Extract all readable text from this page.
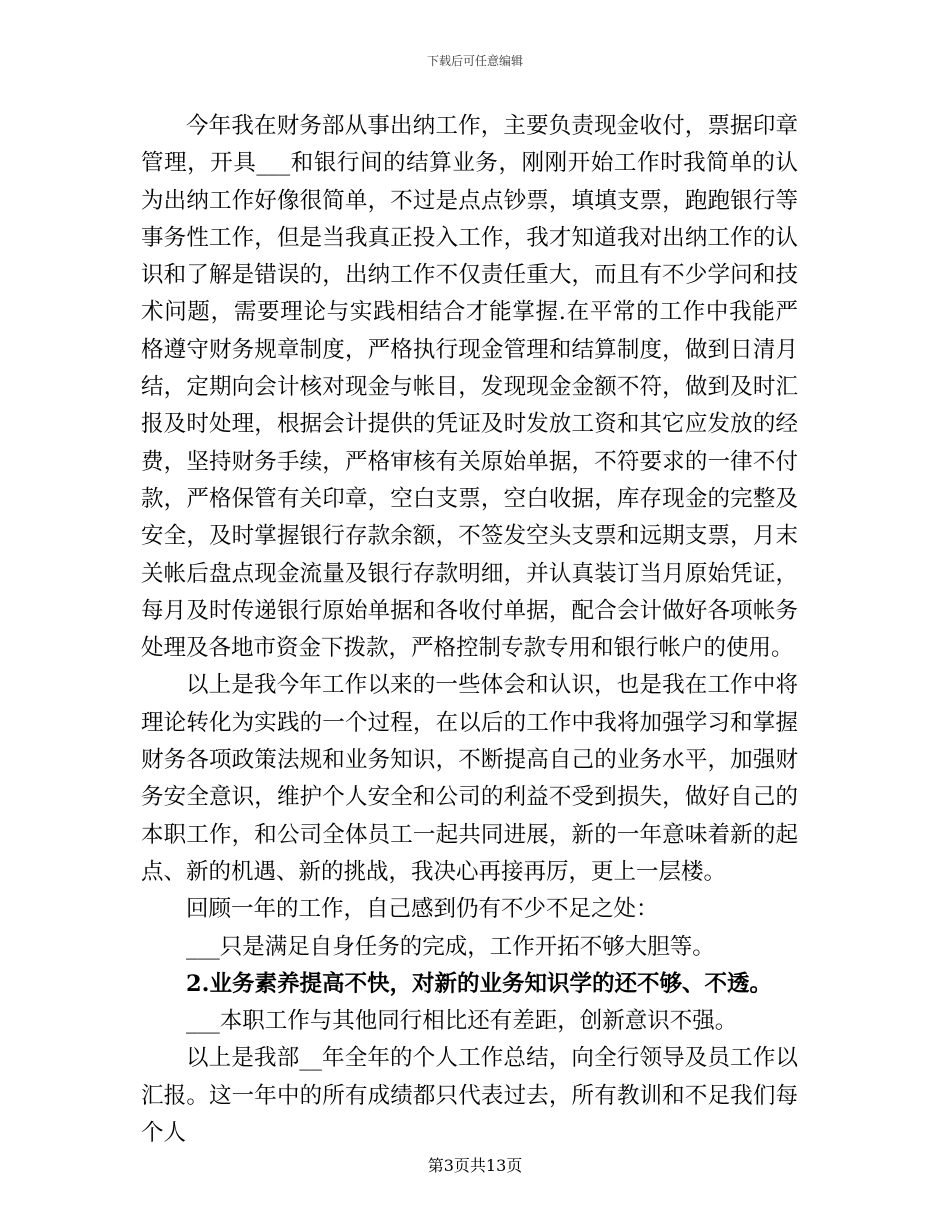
下载后可任意编辑

今年我在财务部从事出纳工作，主要负责现金收付，票据印章管理，开具___和银行间的结算业务，刚刚开始工作时我简单的认为出纳工作好像很简单，不过是点点钞票，填填支票，跑跑银行等事务性工作，但是当我真正投入工作，我才知道我对出纳工作的认识和了解是错误的，出纳工作不仅责任重大，而且有不少学问和技术问题，需要理论与实践相结合才能掌握.在平常的工作中我能严格遵守财务规章制度，严格执行现金管理和结算制度，做到日清月结，定期向会计核对现金与帐目，发现现金金额不符，做到及时汇报及时处理，根据会计提供的凭证及时发放工资和其它应发放的经费，坚持财务手续，严格审核有关原始单据，不符要求的一律不付款，严格保管有关印章，空白支票，空白收据，库存现金的完整及安全，及时掌握银行存款余额，不签发空头支票和远期支票，月末关帐后盘点现金流量及银行存款明细，并认真装订当月原始凭证，每月及时传递银行原始单据和各收付单据，配合会计做好各项帐务处理及各地市资金下拨款，严格控制专款专用和银行帐户的使用。

以上是我今年工作以来的一些体会和认识，也是我在工作中将理论转化为实践的一个过程，在以后的工作中我将加强学习和掌握财务各项政策法规和业务知识，不断提高自己的业务水平，加强财务安全意识，维护个人安全和公司的利益不受到损失，做好自己的本职工作，和公司全体员工一起共同进展，新的一年意味着新的起点、新的机遇、新的挑战，我决心再接再厉，更上一层楼。

回顾一年的工作，自己感到仍有不少不足之处：

___只是满足自身任务的完成，工作开拓不够大胆等。

2.业务素养提高不快，对新的业务知识学的还不够、不透。

___本职工作与其他同行相比还有差距，创新意识不强。

以上是我部__年全年的个人工作总结，向全行领导及员工作以汇报。这一年中的所有成绩都只代表过去，所有教训和不足我们每个人

第3页共13页
